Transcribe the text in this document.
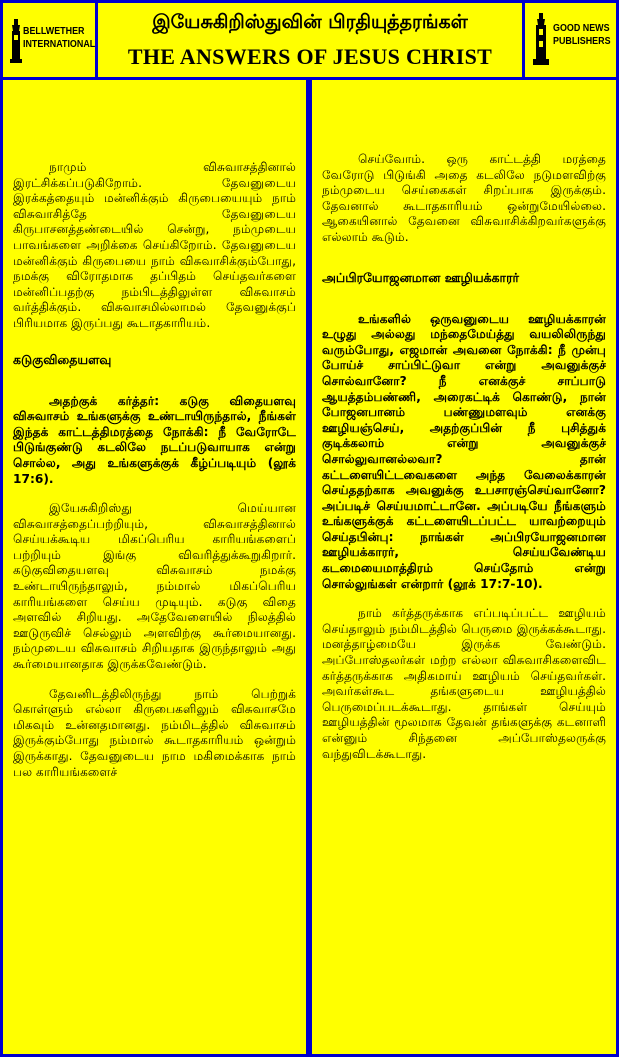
BELLWETHER
INTERNATIONAL
இயேசுகிறிஸ்துவின் பிரதியுத்தரங்கள்
THE ANSWERS OF JESUS CHRIST
GOOD NEWS
PUBLISHERS

நாமும் விசுவாசத்தினால் இரட்சிக்கப்படுகிறோம். தேவனுடைய இரக்கத்தையும் மன்னிக்கும் கிருபையையும் நாம் விசுவாசித்தே தேவனுடைய கிருபாசனத்தண்டையில் சென்று, நம்முடைய பாவங்களை அறிக்கை செய்கிறோம். தேவனுடைய மன்னிக்கும் கிருபையை நாம் விசுவாசிக்கும்போது, நமக்கு விரோதமாக தப்பிதம் செய்தவர்களை மன்னிப்பதற்கு நம்பிடத்திலுள்ள விசுவாசம் வர்த்திக்கும். விசுவாசமில்லாமல் தேவனுக்குப் பிரியமாக இருப்பது கூடாதகாரியம்.

கடுகுவிதையளவு

அதற்குக் கர்த்தர்: கடுகு விதையளவு விசுவாசம் உங்களுக்கு உண்டாயிருந்தால், நீங்கள் இந்தக் காட்டத்திமரத்தை நோக்கி: நீ வேரோடே பிடுங்குண்டு கடலிலே நடப்படுவாயாக என்று சொல்ல, அது உங்களுக்குக் கீழ்ப்படியும் (லூக் 17:6).

இயேசுகிறிஸ்து மெய்யான விசுவாசத்தைப்பற்றியும், விசுவாசத்தினால் செய்யக்கூடிய மிகப்பெரிய காரியங்களைப் பற்றியும் இங்கு விவரித்துக்கூறுகிறார். கடுகுவிதையளவு விசுவாசம் நமக்கு உண்டாயிருந்தாலும், நம்மால் மிகப்பெரிய காரியங்களை செய்ய முடியும். கடுகு விதை அளவில் சிறியது. அதேவேளையில் நிலத்தில் ஊடுருவிச் செல்லும் அளவிற்கு கூர்மையானது. நம்முடைய விசுவாசம் சிறியதாக இருந்தாலும் அது கூர்மையானதாக இருக்கவேண்டும்.

தேவனிடத்திலிருந்து நாம் பெற்றுக் கொள்ளும் எல்லா கிருபைகளிலும் விசுவாசமே மிகவும் உன்னதமானது. நம்மிடத்தில் விசுவாசம் இருக்கும்போது நம்மால் கூடாதகாரியம் ஒன்றும் இருக்காது. தேவனுடைய நாம மகிமைக்காக நாம் பல காரியங்களைச்

செய்வோம். ஒரு காட்டத்தி மரத்தை வேரோடு பிடுங்கி அதை கடலிலே நடுமளவிற்கு நம்முடைய செய்கைகள் சிறப்பாக இருக்கும். தேவனால் கூடாதகாரியம் ஒன்றுமேயில்லை. ஆகையினால் தேவனை விசுவாசிக்கிறவர்களுக்கு எல்லாம் கூடும்.

அப்பிரயோஜனமான ஊழியக்காரர்

உங்களில் ஒருவனுடைய ஊழியக்காரன் உழுது அல்லது மந்தைமேய்த்து வயலிலிருந்து வரும்போது, எஜமான் அவனை நோக்கி: நீ முன்பு போய்ச் சாப்பிட்டுவா என்று அவனுக்குச் சொல்வானோ? நீ எனக்குச் சாப்பாடு ஆயத்தம்பண்ணி, அரைகட்டிக் கொண்டு, நான் போஜனபானம் பண்ணுமளவும் எனக்கு ஊழியஞ்செய், அதற்குப்பின் நீ புசித்துக் குடிக்கலாம் என்று அவனுக்குச் சொல்லுவானல்லவா? தான் கட்டளையிட்டவைகளை அந்த வேலைக்காரன் செய்ததற்காக அவனுக்கு உபசாரஞ்செய்வானோ? அப்படிச் செய்யமாட்டானே. அப்படியே நீங்களும் உங்களுக்குக் கட்டளையிடப்பட்ட யாவற்றையும் செய்தபின்பு: நாங்கள் அப்பிரயோஜனமான ஊழியக்காரர், செய்யவேண்டிய கடமையைமாத்திரம் செய்தோம் என்று சொல்லுங்கள் என்றார் (லூக் 17:7-10).

நாம் கர்த்தருக்காக எப்படிப்பட்ட ஊழியம் செய்தாலும் நம்மிடத்தில் பெருமை இருக்கக்கூடாது. மனத்தாழ்மையே இருக்க வேண்டும். அப்போஸ்தலர்கள் மற்ற எல்லா விசுவாசிகளைவிட கர்த்தருக்காக அதிகமாய் ஊழியம் செய்தவர்கள். அவர்கள்கூட தங்களுடைய ஊழியத்தில் பெருமைப்படக்கூடாது. தாங்கள் செய்யும் ஊழியத்தின் மூலமாக தேவன் தங்களுக்கு கடனாளி என்னும் சிந்தனை அப்போஸ்தலருக்கு வந்துவிடக்கூடாது.
